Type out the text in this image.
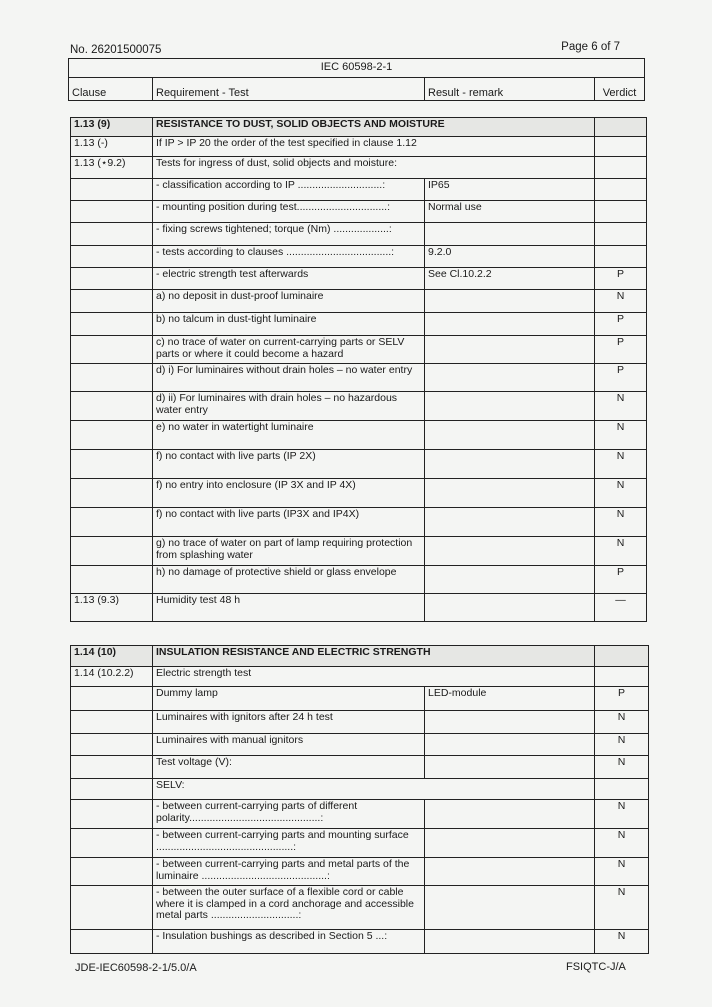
No. 26201500075	Page 6 of 7
IEC 60598-2-1
Clause	Requirement - Test	Result - remark	Verdict
1.13 (9)	RESISTANCE TO DUST, SOLID OBJECTS AND MOISTURE		
1.13 (-)	If IP > IP 20 the order of the test specified in clause 1.12		
1.13 (⋆9.2)	Tests for ingress of dust, solid objects and moisture:		
	- classification according to IP .............................:	IP65	
	- mounting position during test...............................:	Normal use	
	- fixing screws tightened; torque (Nm) ...................:		
	- tests according to clauses ....................................:	9.2.0	
	- electric strength test afterwards	See Cl.10.2.2	P
	a) no deposit in dust-proof luminaire		N
	b) no talcum in dust-tight luminaire		P
	c) no trace of water on current-carrying parts or SELV parts or where it could become a hazard		P
	d) i) For luminaires without drain holes – no water entry		P
	d) ii) For luminaires with drain holes – no hazardous water entry		N
	e) no water in watertight luminaire		N
	f) no contact with live parts (IP 2X)		N
	f) no entry into enclosure (IP 3X and IP 4X)		N
	f) no contact with live parts (IP3X and IP4X)		N
	g) no trace of water on part of lamp requiring protection from splashing water		N
	h) no damage of protective shield or glass envelope		P
1.13 (9.3)	Humidity test 48 h		—
1.14 (10)	INSULATION RESISTANCE AND ELECTRIC STRENGTH		
1.14 (10.2.2)	Electric strength test		
	Dummy lamp	LED-module	P
	Luminaires with ignitors after 24 h test		N
	Luminaires with manual ignitors		N
	Test voltage (V):		N
	SELV:		
	- between current-carrying parts of different polarity.............................................:		N
	- between current-carrying parts and mounting surface ...............................................:		N
	- between current-carrying parts and metal parts of the luminaire ...........................................:		N
	- between the outer surface of a flexible cord or cable where it is clamped in a cord anchorage and accessible metal parts ..............................:		N
	- Insulation bushings as described in Section 5 ...:		N
JDE-IEC60598-2-1/5.0/A	FSIQTC-J/A
